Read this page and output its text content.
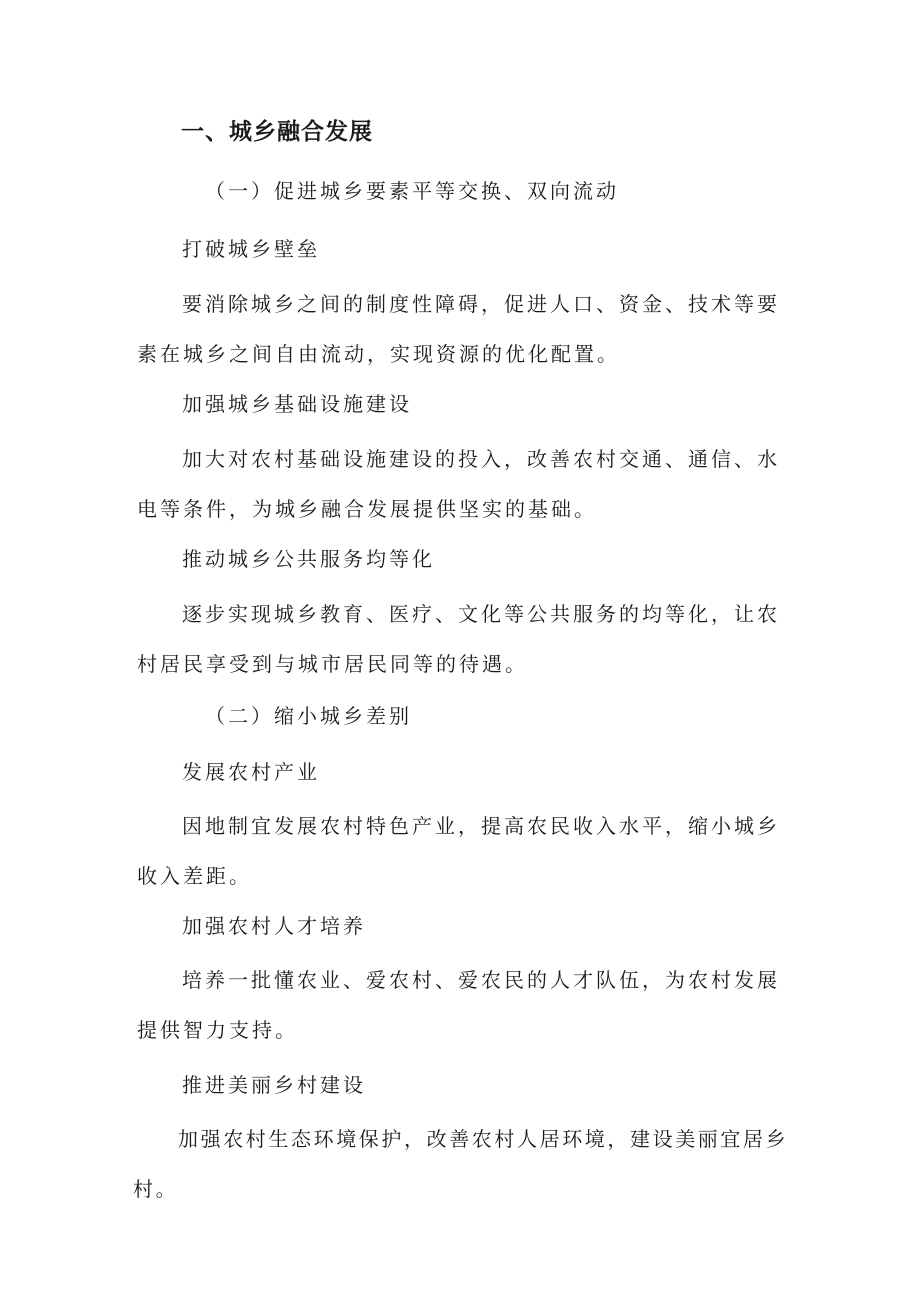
一、城乡融合发展
（一）促进城乡要素平等交换、双向流动
打破城乡壁垒

要消除城乡之间的制度性障碍，促进人口、资金、技术等要素在城乡之间自由流动，实现资源的优化配置。

加强城乡基础设施建设

加大对农村基础设施建设的投入，改善农村交通、通信、水电等条件，为城乡融合发展提供坚实的基础。

推动城乡公共服务均等化

逐步实现城乡教育、医疗、文化等公共服务的均等化，让农村居民享受到与城市居民同等的待遇。

（二）缩小城乡差别
发展农村产业

因地制宜发展农村特色产业，提高农民收入水平，缩小城乡收入差距。

加强农村人才培养

培养一批懂农业、爱农村、爱农民的人才队伍，为农村发展提供智力支持。

推进美丽乡村建设

加强农村生态环境保护，改善农村人居环境，建设美丽宜居乡村。
